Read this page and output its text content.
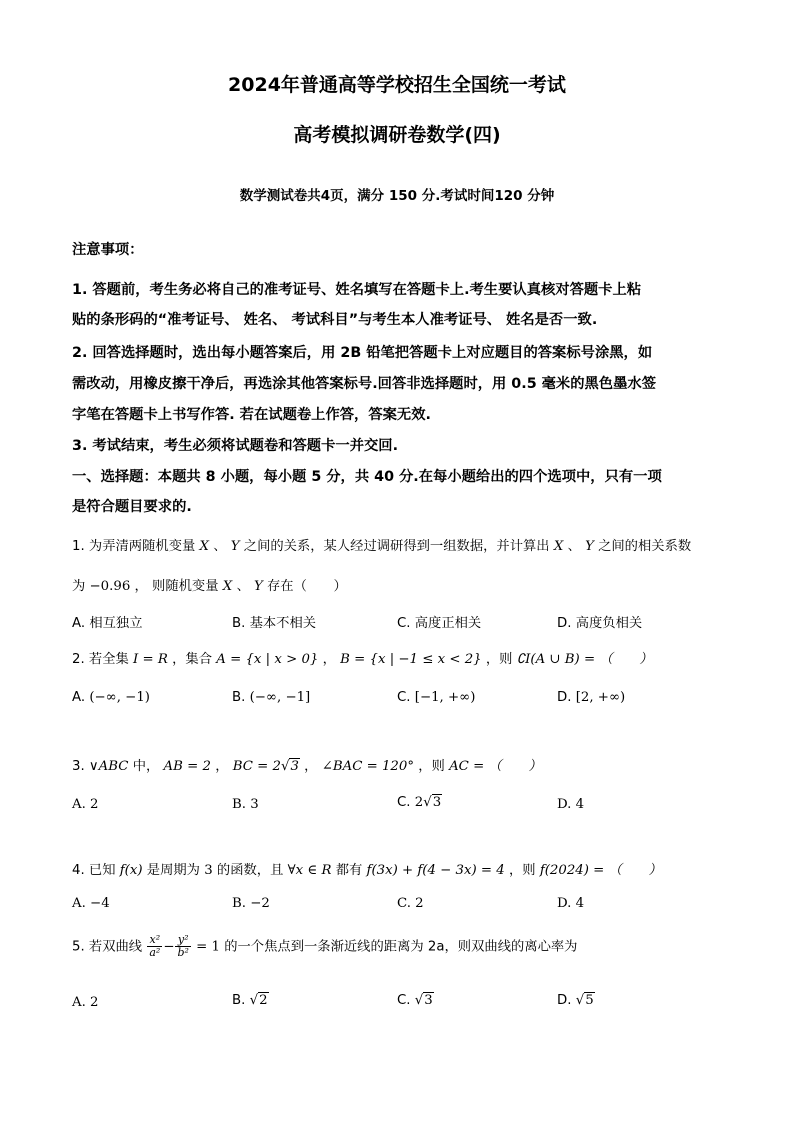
2024年普通高等学校招生全国统一考试
高考模拟调研卷数学(四)
数学测试卷共4页，满分 150 分.考试时间120 分钟
注意事项：
1. 答题前，考生务必将自己的准考证号、姓名填写在答题卡上.考生要认真核对答题卡上粘
贴的条形码的“准考证号、 姓名、 考试科目”与考生本人准考证号、 姓名是否一致.
2. 回答选择题时，选出每小题答案后，用 2B 铅笔把答题卡上对应题目的答案标号涂黑，如
需改动，用橡皮擦干净后，再选涂其他答案标号.回答非选择题时，用 0.5 毫米的黑色墨水签
字笔在答题卡上书写作答. 若在试题卷上作答，答案无效.
3. 考试结束，考生必须将试题卷和答题卡一并交回.
一、选择题：本题共 8 小题，每小题 5 分，共 40 分.在每小题给出的四个选项中，只有一项
是符合题目要求的.
1. 为弄清两随机变量 X 、 Y 之间的关系，某人经过调研得到一组数据，并计算出 X 、 Y 之间的相关系数
为 −0.96 ， 则随机变量 X 、 Y 存在（　　）
A. 相互独立	B. 基本不相关	C. 高度正相关	D. 高度负相关
2. 若全集 I = R ，集合 A = {x | x > 0} ， B = {x | −1 ≤ x < 2} ，则 ∁I(A ∪ B) = （　　）
A. (−∞, −1)	B. (−∞, −1]	C. [−1, +∞)	D. [2, +∞)
3. ∨ABC 中， AB = 2 ， BC = 2√3 ， ∠BAC = 120° ，则 AC = （　　）
A. 2	B. 3	C. 2√3	D. 4
4. 已知 f(x) 是周期为 3 的函数，且 ∀x ∈ R 都有 f(3x) + f(4 − 3x) = 4 ，则 f(2024) = （　　）
A. −4	B. −2	C. 2	D. 4
5. 若双曲线 $\frac{\text{x²}}{\text{a²}} - \frac{\text{y²}}{\text{b²}} = 1$ 的一个焦点到一条渐近线的距离为 2a，则双曲线的离心率为
A. 2	B. √2	C. √3	D. √5
